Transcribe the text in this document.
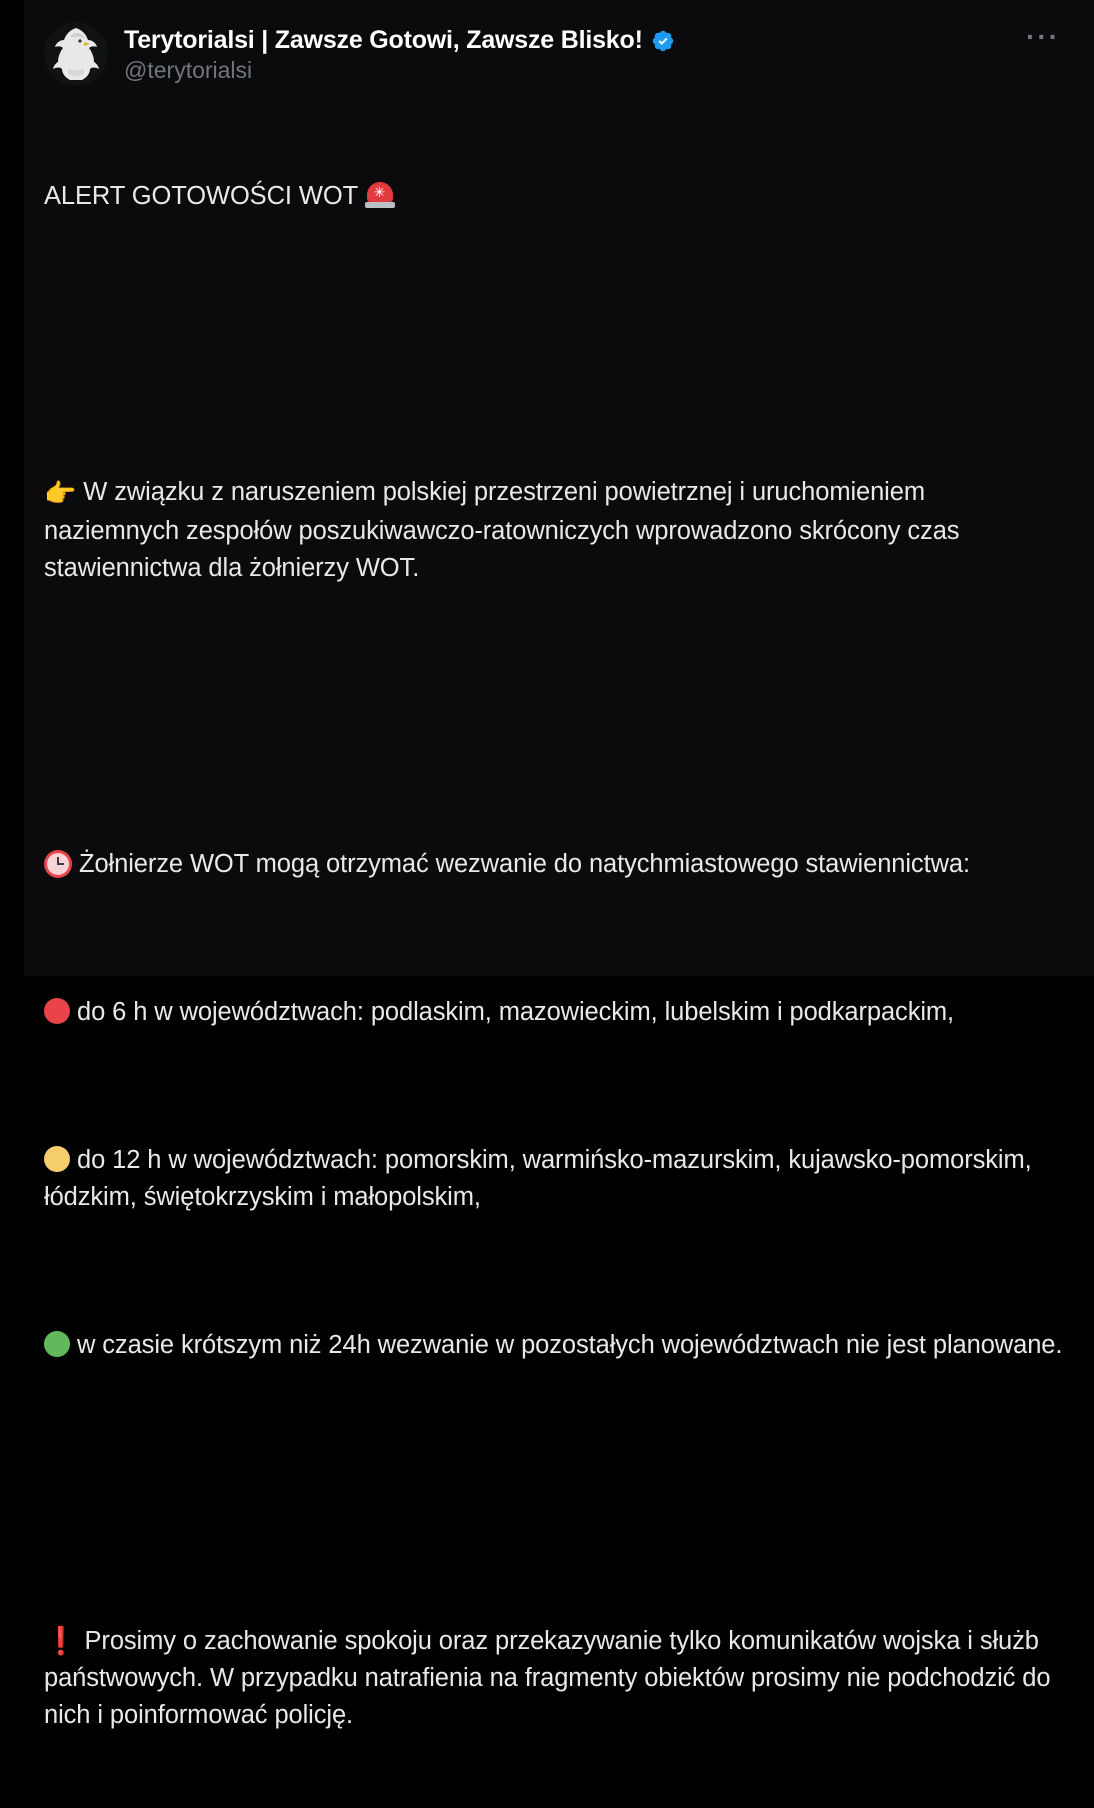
Terytorialsi | Zawsze Gotowi, Zawsze Blisko!
@terytorialsi
···

ALERT GOTOWOŚCI WOT ✳

👉 W związku z naruszeniem polskiej przestrzeni powietrznej i uruchomieniem naziemnych zespołów poszukiwawczo-ratowniczych wprowadzono skrócony czas stawiennictwa dla żołnierzy WOT.

Żołnierze WOT mogą otrzymać wezwanie do natychmiastowego stawiennictwa:

do 6 h w województwach: podlaskim, mazowieckim, lubelskim i podkarpackim,

do 12 h w województwach: pomorskim, warmińsko-mazurskim, kujawsko-pomorskim, łódzkim, świętokrzyskim i małopolskim,

w czasie krótszym niż 24h wezwanie w pozostałych województwach nie jest planowane.

❗ Prosimy o zachowanie spokoju oraz przekazywanie tylko komunikatów wojska i służb państwowych. W przypadku natrafienia na fragmenty obiektów prosimy nie podchodzić do nich i poinformować policję.
